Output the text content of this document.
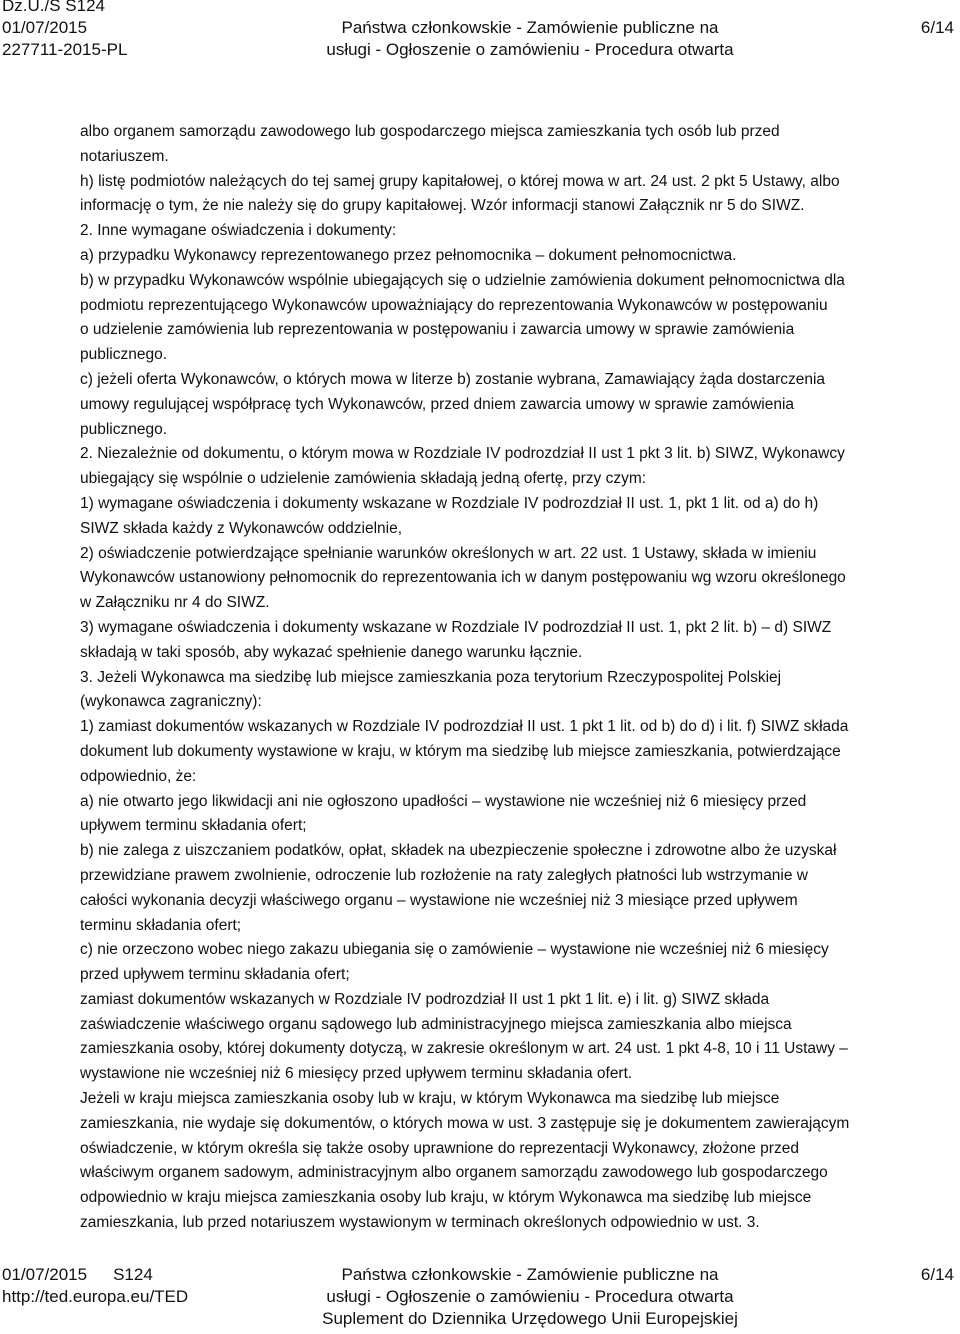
Dz.U./S S124
01/07/2015
227711-2015-PL
Państwa członkowskie - Zamówienie publiczne na
usługi - Ogłoszenie o zamówieniu - Procedura otwarta
6/14
albo organem samorządu zawodowego lub gospodarczego miejsca zamieszkania tych osób lub przed
notariuszem.
h) listę podmiotów należących do tej samej grupy kapitałowej, o której mowa w art. 24 ust. 2 pkt 5 Ustawy, albo
informację o tym, że nie należy się do grupy kapitałowej. Wzór informacji stanowi Załącznik nr 5 do SIWZ.
2. Inne wymagane oświadczenia i dokumenty:
a) przypadku Wykonawcy reprezentowanego przez pełnomocnika – dokument pełnomocnictwa.
b) w przypadku Wykonawców wspólnie ubiegających się o udzielnie zamówienia dokument pełnomocnictwa dla
podmiotu reprezentującego Wykonawców upoważniający do reprezentowania Wykonawców w postępowaniu
o udzielenie zamówienia lub reprezentowania w postępowaniu i zawarcia umowy w sprawie zamówienia
publicznego.
c) jeżeli oferta Wykonawców, o których mowa w literze b) zostanie wybrana, Zamawiający żąda dostarczenia
umowy regulującej współpracę tych Wykonawców, przed dniem zawarcia umowy w sprawie zamówienia
publicznego.
2. Niezależnie od dokumentu, o którym mowa w Rozdziale IV podrozdział II ust 1 pkt 3 lit. b) SIWZ, Wykonawcy
ubiegający się wspólnie o udzielenie zamówienia składają jedną ofertę, przy czym:
1) wymagane oświadczenia i dokumenty wskazane w Rozdziale IV podrozdział II ust. 1, pkt 1 lit. od a) do h)
SIWZ składa każdy z Wykonawców oddzielnie,
2) oświadczenie potwierdzające spełnianie warunków określonych w art. 22 ust. 1 Ustawy, składa w imieniu
Wykonawców ustanowiony pełnomocnik do reprezentowania ich w danym postępowaniu wg wzoru określonego
w Załączniku nr 4 do SIWZ.
3) wymagane oświadczenia i dokumenty wskazane w Rozdziale IV podrozdział II ust. 1, pkt 2 lit. b) – d) SIWZ
składają w taki sposób, aby wykazać spełnienie danego warunku łącznie.
3. Jeżeli Wykonawca ma siedzibę lub miejsce zamieszkania poza terytorium Rzeczypospolitej Polskiej
(wykonawca zagraniczny):
1) zamiast dokumentów wskazanych w Rozdziale IV podrozdział II ust. 1 pkt 1 lit. od b) do d) i lit. f) SIWZ składa
dokument lub dokumenty wystawione w kraju, w którym ma siedzibę lub miejsce zamieszkania, potwierdzające
odpowiednio, że:
a) nie otwarto jego likwidacji ani nie ogłoszono upadłości – wystawione nie wcześniej niż 6 miesięcy przed
upływem terminu składania ofert;
b) nie zalega z uiszczaniem podatków, opłat, składek na ubezpieczenie społeczne i zdrowotne albo że uzyskał
przewidziane prawem zwolnienie, odroczenie lub rozłożenie na raty zaległych płatności lub wstrzymanie w
całości wykonania decyzji właściwego organu – wystawione nie wcześniej niż 3 miesiące przed upływem
terminu składania ofert;
c) nie orzeczono wobec niego zakazu ubiegania się o zamówienie – wystawione nie wcześniej niż 6 miesięcy
przed upływem terminu składania ofert;
zamiast dokumentów wskazanych w Rozdziale IV podrozdział II ust 1 pkt 1 lit. e) i lit. g) SIWZ składa
zaświadczenie właściwego organu sądowego lub administracyjnego miejsca zamieszkania albo miejsca
zamieszkania osoby, której dokumenty dotyczą, w zakresie określonym w art. 24 ust. 1 pkt 4-8, 10 i 11 Ustawy –
wystawione nie wcześniej niż 6 miesięcy przed upływem terminu składania ofert.
Jeżeli w kraju miejsca zamieszkania osoby lub w kraju, w którym Wykonawca ma siedzibę lub miejsce
zamieszkania, nie wydaje się dokumentów, o których mowa w ust. 3 zastępuje się je dokumentem zawierającym
oświadczenie, w którym określa się także osoby uprawnione do reprezentacji Wykonawcy, złożone przed
właściwym organem sadowym, administracyjnym albo organem samorządu zawodowego lub gospodarczego
odpowiednio w kraju miejsca zamieszkania osoby lub kraju, w którym Wykonawca ma siedzibę lub miejsce
zamieszkania, lub przed notariuszem wystawionym w terminach określonych odpowiednio w ust. 3.
01/07/2015 S124
http://ted.europa.eu/TED
Państwa członkowskie - Zamówienie publiczne na
usługi - Ogłoszenie o zamówieniu - Procedura otwarta
Suplement do Dziennika Urzędowego Unii Europejskiej
6/14
